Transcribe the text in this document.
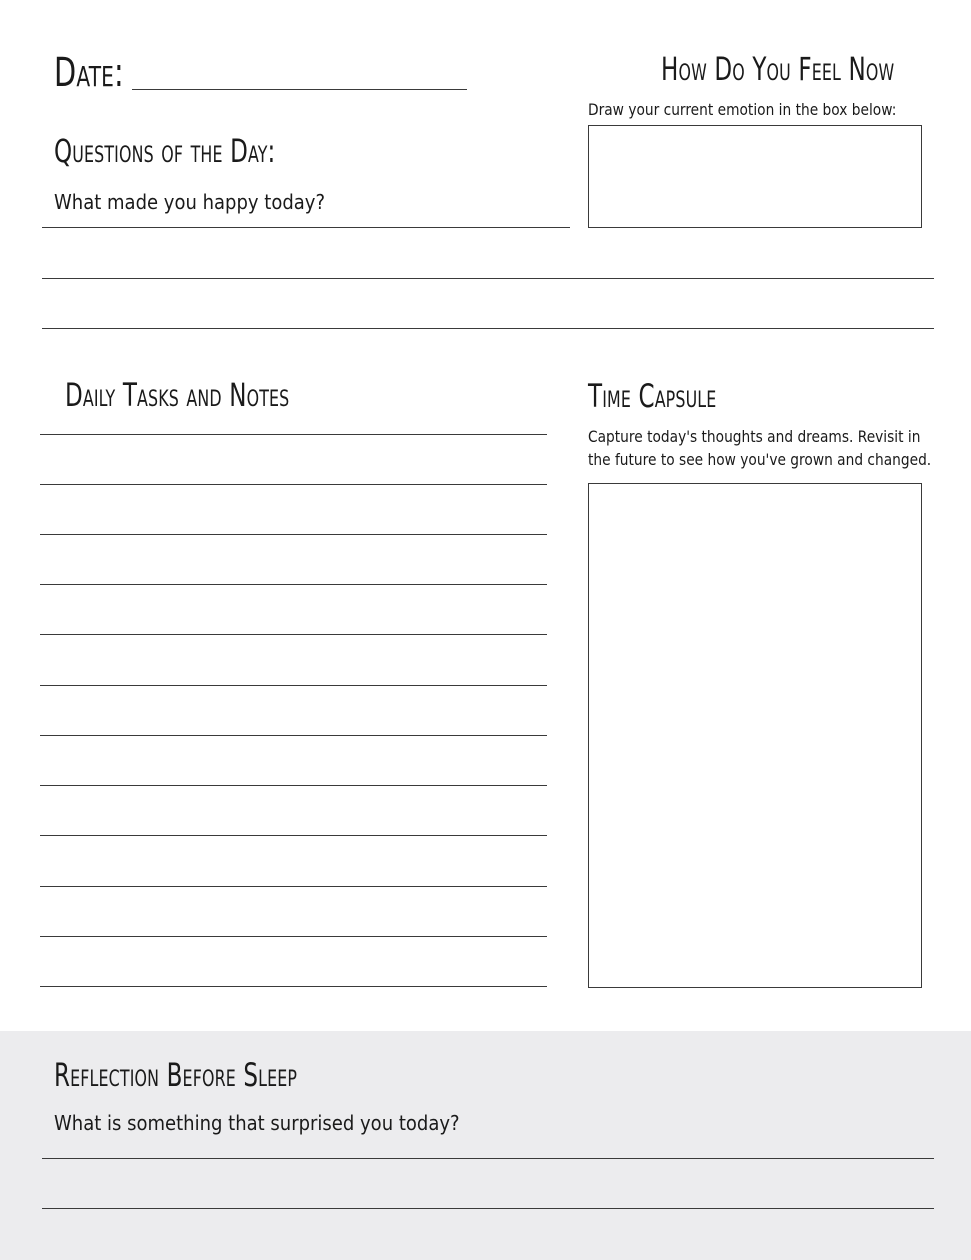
Date:
Questions of the Day:
What made you happy today?
How Do You Feel Now
Draw your current emotion in the box below:
Daily Tasks and Notes	Time Capsule
Capture today's thoughts and dreams. Revisit in
the future to see how you've grown and changed.
Reflection Before Sleep
What is something that surprised you today?
